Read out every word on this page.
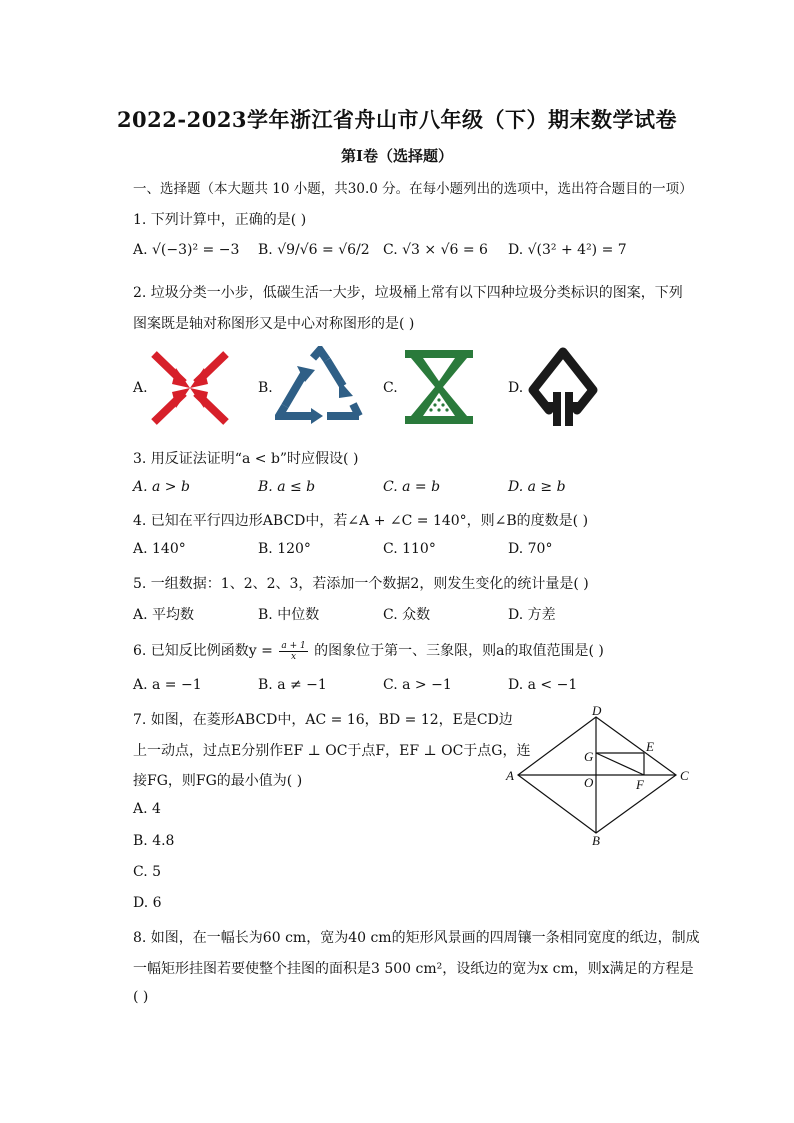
2022-2023学年浙江省舟山市八年级（下）期末数学试卷
第I卷（选择题）
一、选择题（本大题共 10 小题，共30.0 分。在每小题列出的选项中，选出符合题目的一项）
1. 下列计算中，正确的是( )
A. √(−3)² = −3 B. √9/√6 = √6/2 C. √3 × √6 = 6 D. √(3² + 4²) = 7
2. 垃圾分类一小步，低碳生活一大步，垃圾桶上常有以下四种垃圾分类标识的图案，下列
图案既是轴对称图形又是中心对称图形的是( )
A.	B.	C.	D.
3. 用反证法证明“a < b”时应假设( )
A. a > b	B. a ≤ b	C. a = b	D. a ≥ b
4. 已知在平行四边形ABCD中，若∠A + ∠C = 140°，则∠B的度数是( )
A. 140°	B. 120°	C. 110°	D. 70°
5. 一组数据：1、2、2、3，若添加一个数据2，则发生变化的统计量是( )
A. 平均数	B. 中位数	C. 众数	D. 方差
6. 已知反比例函数$y = \frac{a + 1}{x}$ 的图象位于第一、三象限，则a的取值范围是( )
A. a = −1	B. a ≠ −1	C. a > −1	D. a < −1
7. 如图，在菱形ABCD中，AC = 16，BD = 12，E是CD边
上一动点，过点E分别作EF ⊥ OC于点F，EF ⊥ OC于点G，连
接FG，则FG的最小值为( )
A. 4
B. 4.8
C. 5
D. 6
A
B
C
D
E
F
G
O
8. 如图，在一幅长为60 cm，宽为40 cm的矩形风景画的四周镶一条相同宽度的纸边，制成
一幅矩形挂图若要使整个挂图的面积是3 500 cm²，设纸边的宽为x cm，则x满足的方程是
( )
